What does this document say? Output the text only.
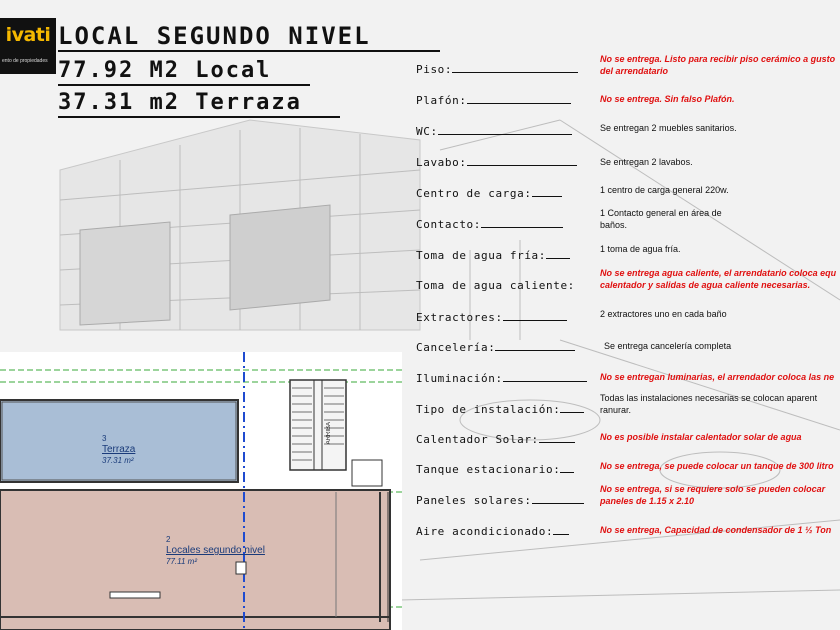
ivati
ento de propiedades
LOCAL SEGUNDO NIVEL
77.92 M2 Local
37.31 m2 Terraza
Piso:
No se entrega. Listo para recibir piso cerámico a gusto del arrendatario
Plafón:	No se entrega. Sin falso Plafón.
WC:	Se entregan 2 muebles sanitarios.
Lavabo:	Se entregan 2 lavabos.
Centro de carga:	1 centro de carga general 220w.
Contacto:
1 Contacto general en área de baños.
Toma de agua fría:	1 toma de agua fría.
Toma de agua caliente:
No se entrega agua caliente, el arrendatario coloca equ calentador y salidas de agua caliente necesarias.
Extractores:	2 extractores uno en cada baño
Cancelería:	Se entrega cancelería completa
Iluminación:	No se entregan luminarias, el arrendador coloca las ne
Tipo de instalación:
Todas las instalaciones necesarias se colocan aparent ranurar.
Calentador Solar:	No es posible instalar calentador solar de agua
Tanque estacionario:	No se entrega, se puede colocar un tanque de 300 litro
Paneles solares:
No se entrega, si se requiere solo se pueden colocar paneles de 1.15 x 2.10
Aire acondicionado:	No se entrega, Capacidad de condensador de 1 ½ Ton
3
Terraza
37.31 m²
2
Locales segundo nivel
77.11 m²
ARRIBA
